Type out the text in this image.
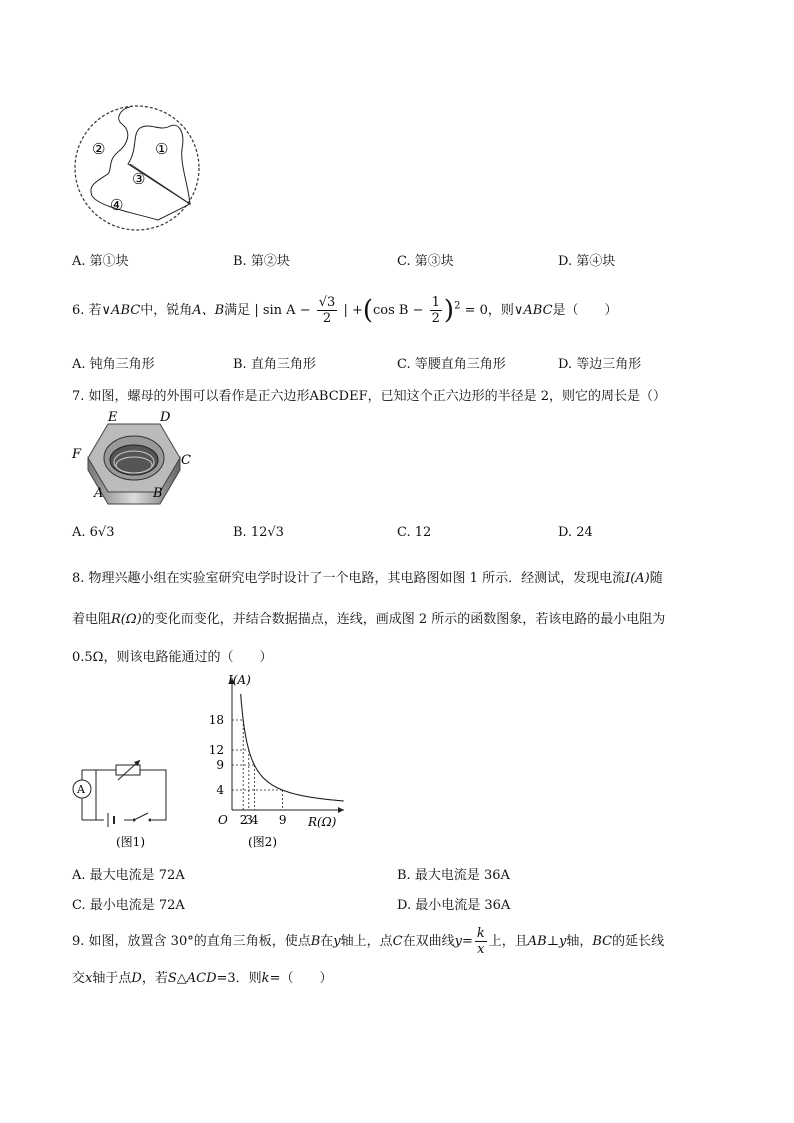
①
②
③
④
A. 第①块	B. 第②块	C. 第③块	D. 第④块
6. 若∨ABC中，锐角A、B满足 | $\sin A - \frac{√3}{2}$ | +(cos $B - \frac{1}{2} )^2 = 0$，则∨ABC是（　　）
A. 钝角三角形	B. 直角三角形	C. 等腰直角三角形	D. 等边三角形
7. 如图，螺母的外围可以看作是正六边形ABCDEF，已知这个正六边形的半径是 2，则它的周长是（）
A	B
C
D
E
F
A. 6√3	B. 12√3	C. 12	D. 24
8. 物理兴趣小组在实验室研究电学时设计了一个电路，其电路图如图 1 所示．经测试，发现电流I(A)随
着电阻R(Ω)的变化而变化，并结合数据描点，连线，画成图 2 所示的函数图象，若该电路的最小电阻为
0.5Ω，则该电路能通过的（　　）
A
(图1)
I(A)
R(Ω)
O 2
3
4 9
18
12
9
4
(图2)
A. 最大电流是 72A	B. 最大电流是 36A
C. 最小电流是 72A	D. 最小电流是 36A
9. 如图，放置含 30°的直角三角板，使点B在y轴上，点C在双曲线$y= \frac{k}{x}$ 上，且AB⊥y轴，BC的延长线
交x轴于点D，若S△ACD=3．则k=（　　）
